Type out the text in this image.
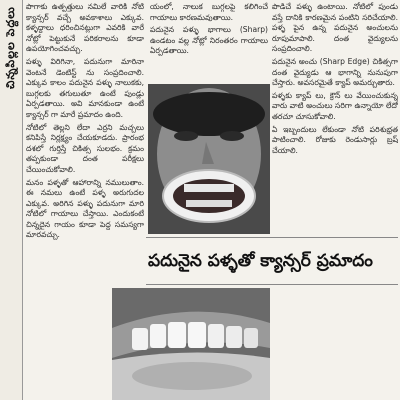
చిన్నపిల్లల పెద్దలు పొగాకు ఉత్పత్తులు నమిలే వారికి నోటి క్యాన్సర్ వచ్చే అవకాశాలు ఎక్కువ. కళ్ళద్దాలు ధరించినట్లుగా ఎవరికి వారే నోట్లో పెట్టుకునే పరికరాలను కూడా ఉపయోగించవచ్చు.

పళ్ళు విరిగినా, పదునుగా మారినా వెంటనే డెంటిస్ట్ ను సంప్రదించాలి. ఎక్కువ కాలం పదునైన పళ్ళు నాలుకకు, బుగ్గలకు తగులుతూ ఉంటే పుండ్లు ఏర్పడతాయి. అవి మానకుండా ఉంటే క్యాన్సర్ గా మారే ప్రమాదం ఉంది.

నోటిలో తెల్లని లేదా ఎర్రని మచ్చలు కనిపిస్తే నిర్లక్ష్యం చేయకూడదు. ప్రారంభ దశలో గుర్తిస్తే చికిత్స సులభం. క్రమం తప్పకుండా దంత పరీక్షలు చేయించుకోవాలి.

మనం పళ్ళతో ఆహారాన్ని నములుతాం. ఈ నమలు ఉంటే పళ్ళ అరుగుదల ఎక్కువ. అరిగిన పళ్ళు పదునుగా మారి నోటిలో గాయాలు చేస్తాయి. ఎందుకంటే చిన్నదైన గాయం కూడా పెద్ద సమస్యగా మారవచ్చు.

యంలో, నాలుక బుగ్గలపై కలిగించే గాయాలు కారణమవుతాయి.

పదునైన పళ్ళు భాగాలు (Sharp) ఉండటం వల్ల నోట్లో నిరంతరం గాయాలు ఏర్పడతాయి.

పదునైన పళ్ళతో క్యాన్సర్ ప్రమాదం

పొడిచే పళ్ళు ఉంటాయి. నోటిలో పుండు వస్తే దానికి కారణమైన పంటిని సరిచేయాలి. పళ్ళ పైన ఉన్న పదునైన అంచులను రూపుమాపాలి. దంత వైద్యులను సంప్రదించాలి.

పదునైన అంచు (Sharp Edge) చికిత్సగా దంత వైద్యుడు ఆ భాగాన్ని నునుపుగా చేస్తారు. అవసరమైతే క్యాప్ అమర్చుతారు.

పళ్ళకు క్యాప్ లు, క్రౌన్ లు వేయించుకున్న వారు వాటి అంచులు సరిగా ఉన్నాయో లేదో తరచూ చూసుకోవాలి.

ఏ ఇబ్బందులు లేకుండా నోటి పరిశుభ్రత పాటించాలి. రోజుకు రెండుసార్లు బ్రష్ చేయాలి.
